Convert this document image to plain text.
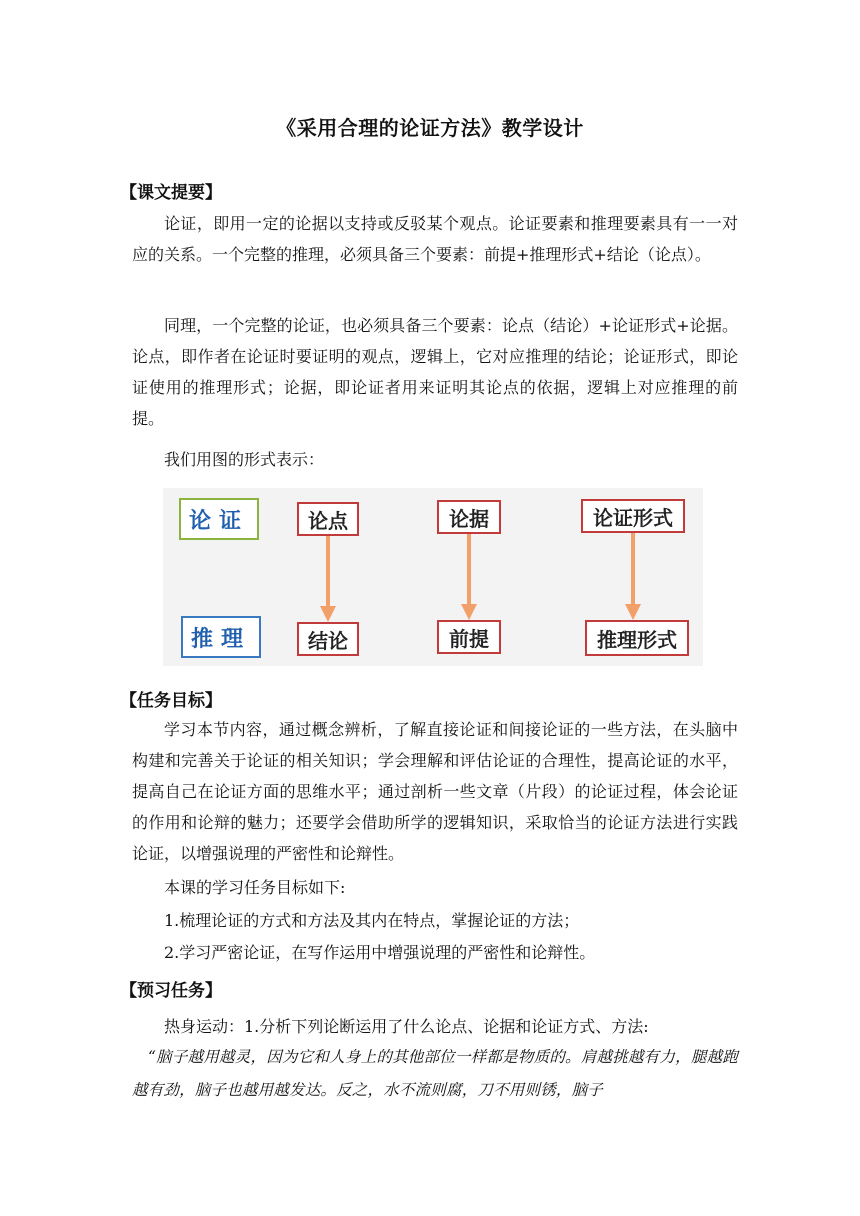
《采用合理的论证方法》教学设计
【课文提要】

论证，即用一定的论据以支持或反驳某个观点。论证要素和推理要素具有一一对应的关系。一个完整的推理，必须具备三个要素：前提+推理形式+结论（论点）。

同理，一个完整的论证，也必须具备三个要素：论点（结论）+论证形式+论据。论点，即作者在论证时要证明的观点，逻辑上，它对应推理的结论；论证形式，即论证使用的推理形式；论据，即论证者用来证明其论点的依据，逻辑上对应推理的前提。

我们用图的形式表示：

论证
推理
论点	论据	论证形式
结论	前提	推理形式
【任务目标】

学习本节内容，通过概念辨析，了解直接论证和间接论证的一些方法，在头脑中构建和完善关于论证的相关知识；学会理解和评估论证的合理性，提高论证的水平，提高自己在论证方面的思维水平；通过剖析一些文章（片段）的论证过程，体会论证的作用和论辩的魅力；还要学会借助所学的逻辑知识，采取恰当的论证方法进行实践论证，以增强说理的严密性和论辩性。

本课的学习任务目标如下:

1.梳理论证的方式和方法及其内在特点，掌握论证的方法；

2.学习严密论证，在写作运用中增强说理的严密性和论辩性。

【预习任务】

热身运动：1.分析下列论断运用了什么论点、论据和论证方式、方法:

“脑子越用越灵，因为它和人身上的其他部位一样都是物质的。肩越挑越有力，腿越跑越有劲，脑子也越用越发达。反之，水不流则腐，刀不用则锈，脑子
